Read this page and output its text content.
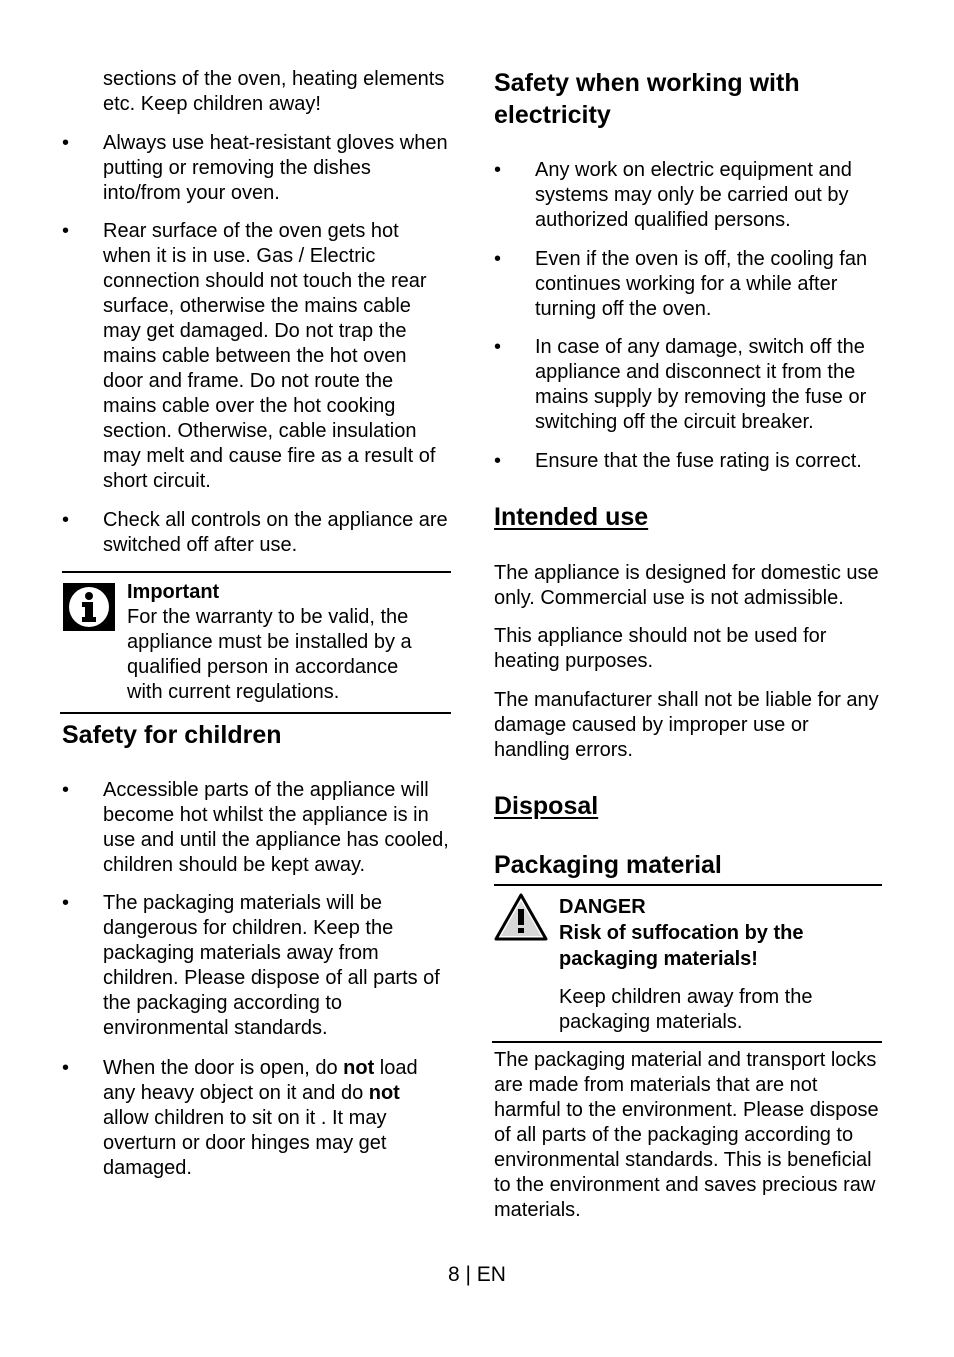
sections of the oven, heating elements
etc. Keep children away!

• Always use heat-resistant gloves when
putting or removing the dishes
into/from your oven.

• Rear surface of the oven gets hot
when it is in use. Gas / Electric
connection should not touch the rear
surface, otherwise the mains cable
may get damaged. Do not trap the
mains cable between the hot oven
door and frame. Do not route the
mains cable over the hot cooking
section. Otherwise, cable insulation
may melt and cause fire as a result of
short circuit.

• Check all controls on the appliance are
switched off after use.

Important
For the warranty to be valid, the
appliance must be installed by a
qualified person in accordance
with current regulations.
Safety for children

• Accessible parts of the appliance will
become hot whilst the appliance is in
use and until the appliance has cooled,
children should be kept away.

• The packaging materials will be
dangerous for children. Keep the
packaging materials away from
children. Please dispose of all parts of
the packaging according to
environmental standards.

• When the door is open, do not load
any heavy object on it and do not
allow children to sit on it . It may
overturn or door hinges may get
damaged.

Safety when working with
electricity

• Any work on electric equipment and
systems may only be carried out by
authorized qualified persons.

• Even if the oven is off, the cooling fan
continues working for a while after
turning off the oven.

• In case of any damage, switch off the
appliance and disconnect it from the
mains supply by removing the fuse or
switching off the circuit breaker.

• Ensure that the fuse rating is correct.

Intended use

The appliance is designed for domestic use
only. Commercial use is not admissible.

This appliance should not be used for
heating purposes.

The manufacturer shall not be liable for any
damage caused by improper use or
handling errors.

Disposal
Packaging material
DANGER
Risk of suffocation by the
packaging materials!

Keep children away from the
packaging materials.

The packaging material and transport locks
are made from materials that are not
harmful to the environment. Please dispose
of all parts of the packaging according to
environmental standards. This is beneficial
to the environment and saves precious raw
materials.

8 | EN
